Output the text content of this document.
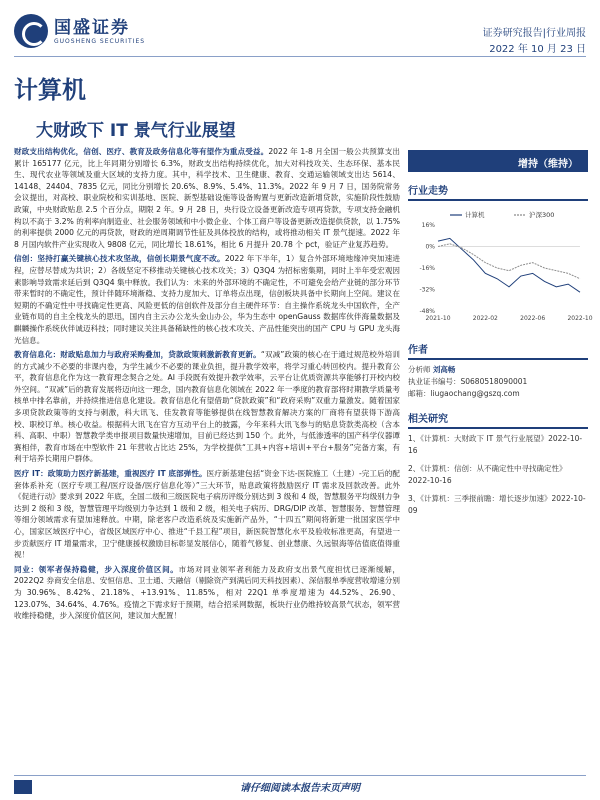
国盛证券
GUOSHENG SECURITIES
证券研究报告|行业周报
2022 年 10 月 23 日
计算机
大财政下 IT 景气行业展望

财政支出结构优化，信创、医疗、教育及政务信息化等有望作为重点受益。2022 年 1-8 月全国一般公共预算支出累计 165177 亿元，比上年同期分别增长 6.3%，财政支出结构持续优化，加大对科技攻关、生态环保、基本民生、现代农业等领域及重大区域的支持力度。其中，科学技术、卫生健康、教育、交通运输领域支出达 5614、14148、24404、7835 亿元，同比分别增长 20.6%、8.9%、5.4%、11.3%。2022 年 9 月 7 日，国务院常务会议提出，对高校、职业院校和实训基地、医院、新型基础设施等设备购置与更新改造新增贷款，实施阶段性鼓励政策，中央财政贴息 2.5 个百分点，期限 2 年。9 月 28 日，央行设立设备更新改造专项再贷款，专项支持金融机构以不高于 3.2% 的利率向制造业、社会服务领域和中小微企业、个体工商户等设备更新改造提供贷款，以 1.75% 的利率提供 2000 亿元的再贷款，财政的逆周期调节性征及具体投放的结构，或将推动相关 IT 景气提速。2022 年 8 月国内软件产业实现收入 9808 亿元，同比增长 18.61%，相比 6 月提升 20.78 个 pct，验证产业复苏趋势。

信创：坚持打赢关键核心技术攻坚战，信创长期景气度不改。2022 年下半年，1）复合外部环境地缘冲突加速进程，应替尽替成为共识；2）各级坚定不移推动关键核心技术攻关；3）Q3Q4 为招标密集期，同时上半年受宏观因素影响导致需求延后到 Q3Q4 集中释放。我们认为：未来的外部环境的不确定性，不可避免会给产业链的部分环节带来暂时的不确定性，预计伴随环境渐稳、支持力度加大、订单将点出现，信创板块具备中长期向上空间。建议在短期的不确定性中寻找确定性更高、风险更低的信创软件及部分自主硬件环节：自主操作系统龙头中国软件，全产业链布局的自主全栈龙头的思迅，国内自主云办公龙头金山办公，华为生态中 openGauss 数据库伙伴海量数据及麒麟操作系统伙伴诚迈科技；同时建议关注具备稀缺性的核心技术攻关、产品性能突出的国产 CPU 与 GPU 龙头海光信息。

教育信息化：财政贴息加力与政府采购叠加，贷款政策刺激新教育更新。“双减”政策的核心在于通过规范校外培训的方式减少不必要的非课内卷，为学生减少不必要的课业负担，提升教学效率，将学习重心转回校内。提升教育公平，教育信息化作为这一教育理念契合之处。AI 手段既有效提升教学效率，云平台让优质资源共享能够打开校内校外空间。“双减”后的教育发展将迈向这一理念，国内教育信息化领域在 2022 年一季度的教育部将时期教学质量考核单中排名靠前，并持续推进信息化建设。教育信息化有望借助“贷款政策”和“政府采购”双重力量激发。随着国家多项贷款政策等的支持与刺激，科大讯飞、佳发教育等能够提供在线智慧教育解决方案的厂商将有望获得下游高校、职校订单。核心收益。根据科大讯飞在官方互动平台上的披露，今年来科大讯飞参与的贴息贷款类高校（含本科、高职、中职）智慧教学类申报项目数量快速增加，目前已经达到 150 个。此外，与低渗透率的国产科学仪器谭赛相伴，教育市场在中型软件 21 年营收占比达 25%，为学校提供“工具+内容+培训+平台+服务”完备方案，有利于培养长期用户群体。

医疗 IT：政策助力医疗新基建，重视医疗 IT 底部弹性。医疗新基建包括“资金下达-医院施工（土建）-完工后的配套体系补充（医疗专项工程/医疗设备/医疗信息化等）”三大环节，贴息政策将鼓励医疗 IT 需求及回款改善。此外《促进行动》要求到 2022 年底，全国二级和三级医院电子病历评级分别达到 3 级和 4 级，智慧服务平均级别力争达到 2 级和 3 级，智慧管理平均级别力争达到 1 级和 2 级，相关电子病历、DRG/DIP 改革、智慧服务、智慧管理等细分领域需求有望加速释放。中期，除老客户改造系统及实施新产品外，“十四五”期间将新建一批国家医学中心，国家区域医疗中心，省级区域医疗中心、推进“千县工程”项目，新医院智慧化水平及验收标准更高，有望进一步贡献医疗 IT 增量需求，卫宁健康援权激励目标彰显发展信心，随着气修复、创业慧康、久远银海等估值底值得重视！

同业：领军者保持稳健，步入深度价值区间。市场对同业领军者利能力及政府支出景气度担忧已逐渐缓解，2022Q2 券商安全信息、安恒信息、卫士通、天融信（剔除资产到满后同天科技因素）、深信服单季度营收增速分别为 30.96%、8.42%、21.18%、+13.91%、11.85%，相对 22Q1 单季度增速为 44.52%、26.90、123.07%、34.64%、4.76%。疫情之下需求好于预期，结合招采网数据，板块行业仍维持较高景气状态，领军营收维持稳健，步入深度价值区间，建议加大配置！

增持（维持）
行业走势
16%
0%
-16%
-32%
-48%
2021-10	2022-02	2022-06	2022-10
计算机	沪深300
作者
分析师 刘高畅
执业证书编号：S0680518090001
邮箱：liugaochang@gszq.com
相关研究
1、《计算机：大财政下 IT 景气行业展望》2022-10-16
2、《计算机：信创：从不确定性中寻找确定性》2022-10-16
3、《计算机：三季报前瞻：增长逐步加速》2022-10-09
请仔细阅读本报告末页声明
